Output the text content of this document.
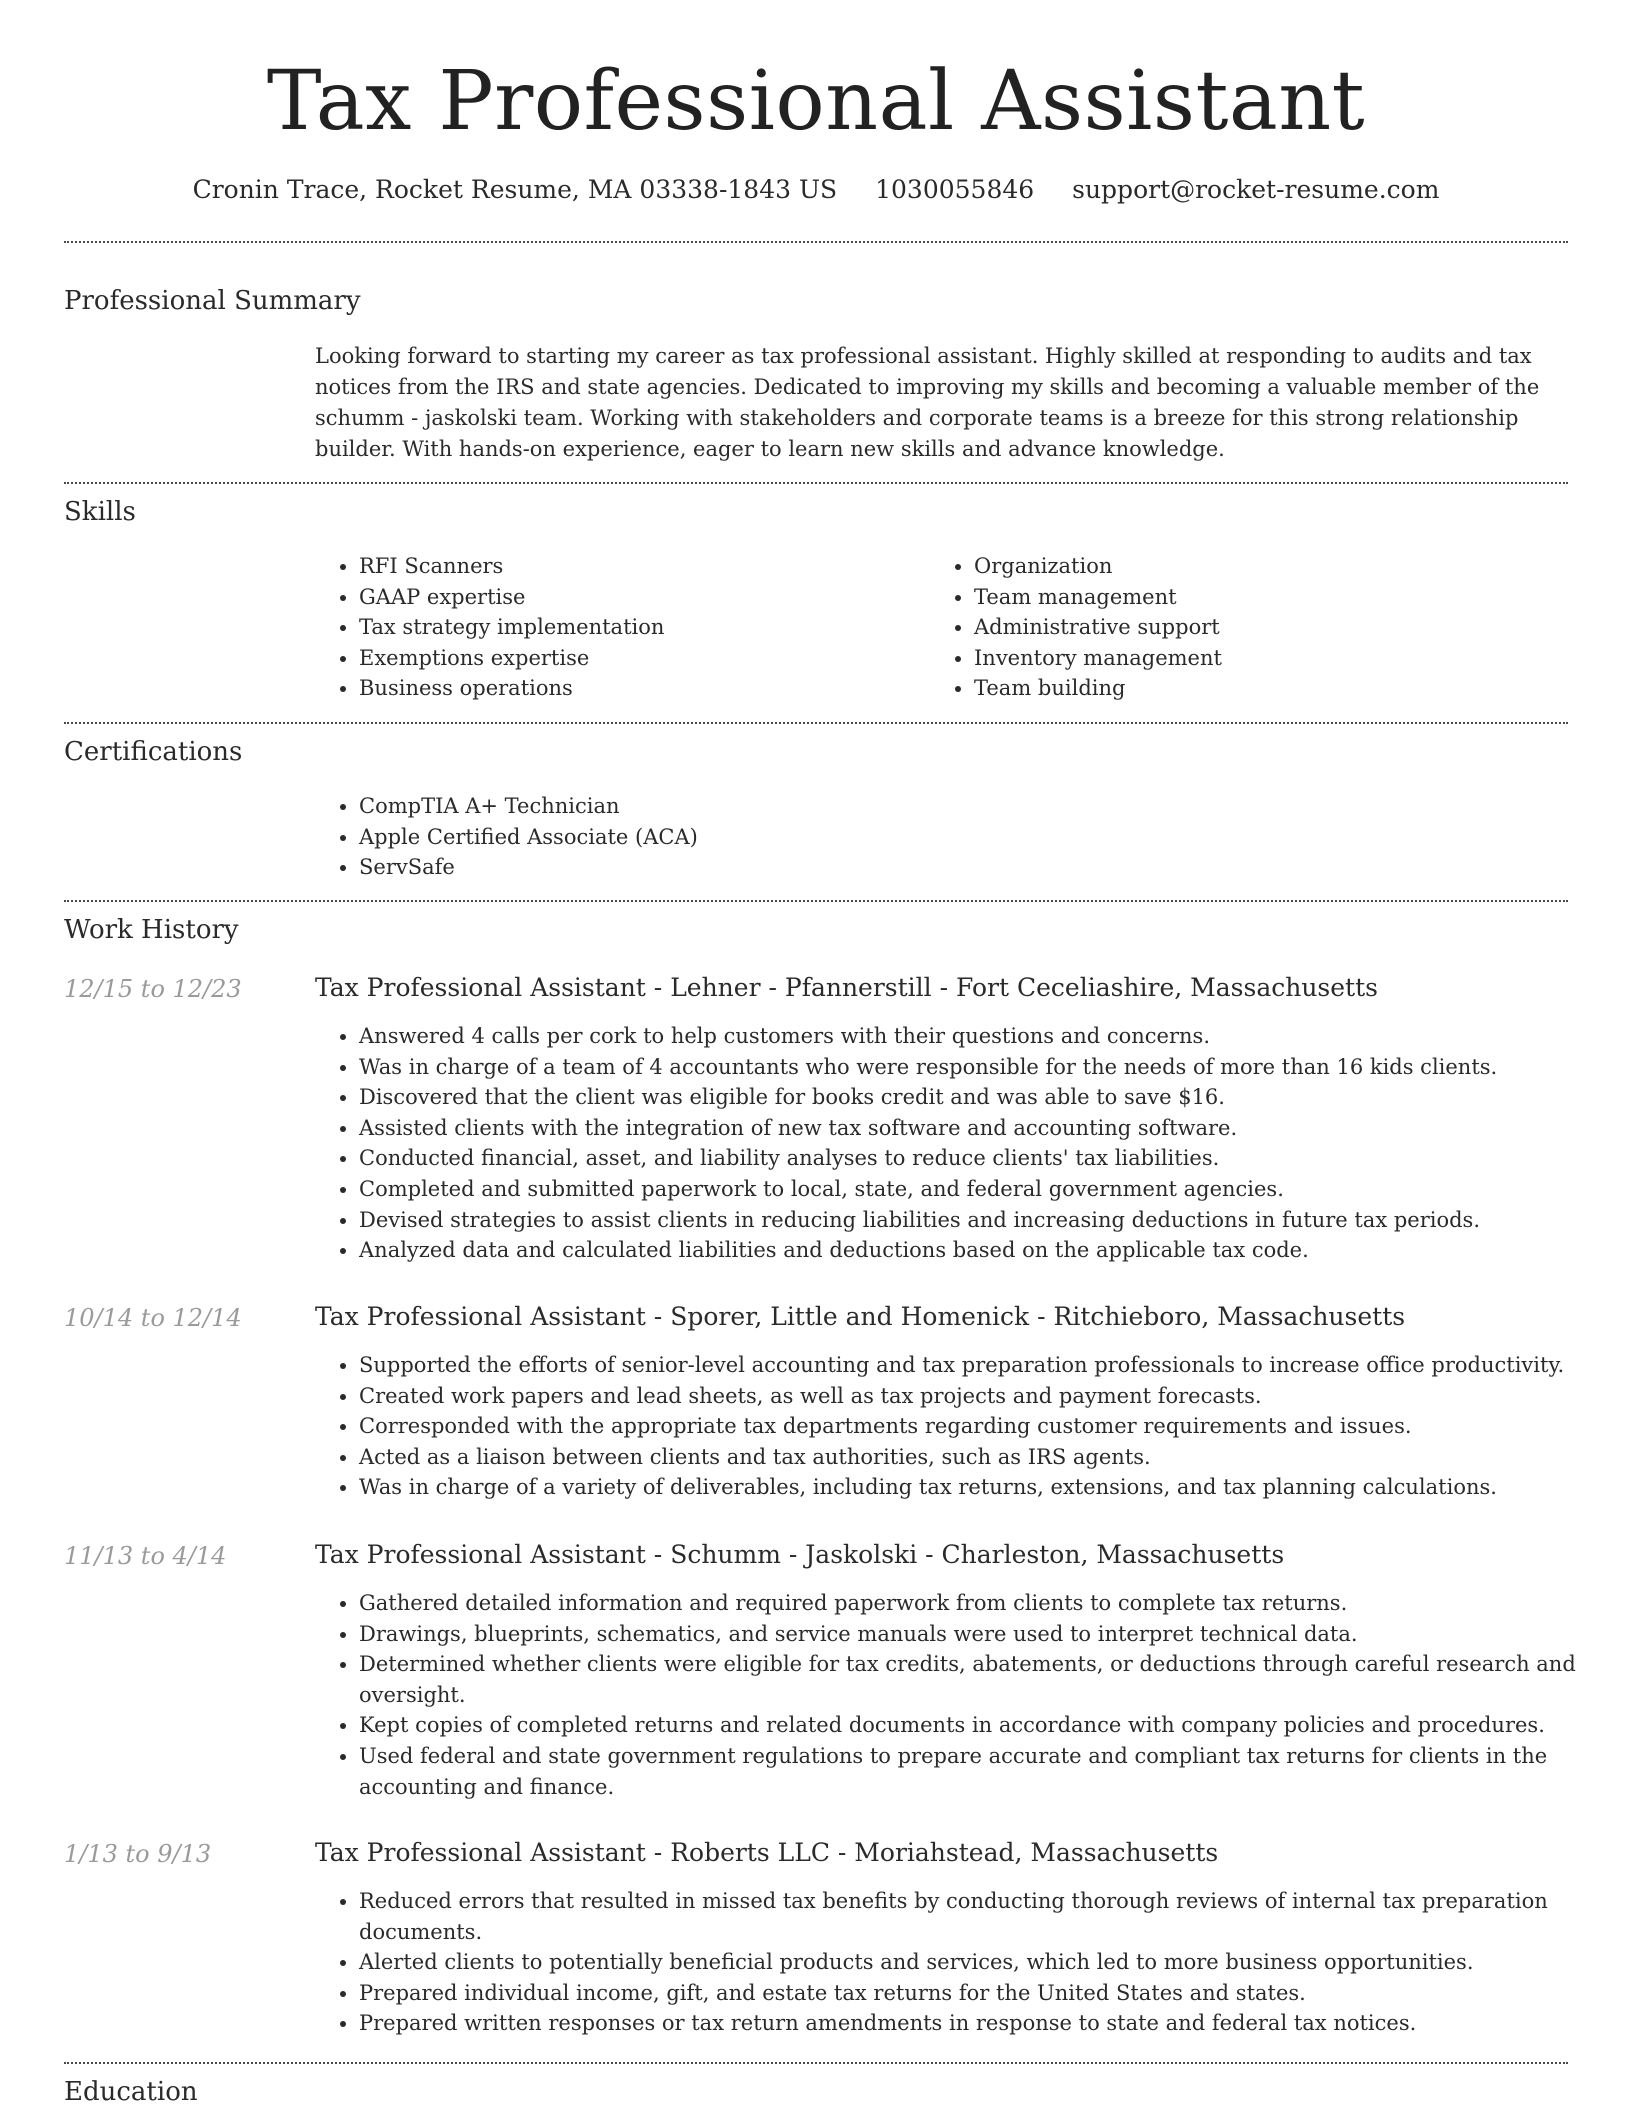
Tax Professional Assistant
Cronin Trace, Rocket Resume, MA 03338-1843 US 1030055846 support@rocket-resume.com
Professional Summary

Looking forward to starting my career as tax professional assistant. Highly skilled at responding to audits and tax notices from the IRS and state agencies. Dedicated to improving my skills and becoming a valuable member of the schumm - jaskolski team. Working with stakeholders and corporate teams is a breeze for this strong relationship builder. With hands-on experience, eager to learn new skills and advance knowledge.

Skills
• RFI Scanners
• GAAP expertise
• Tax strategy implementation
• Exemptions expertise
• Business operations
• Organization
• Team management
• Administrative support
• Inventory management
• Team building
Certifications
• CompTIA A+ Technician
• Apple Certified Associate (ACA)
• ServSafe
Work History
12/15 to 12/23	Tax Professional Assistant - Lehner - Pfannerstill - Fort Ceceliashire, Massachusetts
• Answered 4 calls per cork to help customers with their questions and concerns.
• Was in charge of a team of 4 accountants who were responsible for the needs of more than 16 kids clients.
• Discovered that the client was eligible for books credit and was able to save $16.
• Assisted clients with the integration of new tax software and accounting software.
• Conducted financial, asset, and liability analyses to reduce clients' tax liabilities.
• Completed and submitted paperwork to local, state, and federal government agencies.
• Devised strategies to assist clients in reducing liabilities and increasing deductions in future tax periods.
• Analyzed data and calculated liabilities and deductions based on the applicable tax code.
10/14 to 12/14	Tax Professional Assistant - Sporer, Little and Homenick - Ritchieboro, Massachusetts
• Supported the efforts of senior-level accounting and tax preparation professionals to increase office productivity.
• Created work papers and lead sheets, as well as tax projects and payment forecasts.
• Corresponded with the appropriate tax departments regarding customer requirements and issues.
• Acted as a liaison between clients and tax authorities, such as IRS agents.
• Was in charge of a variety of deliverables, including tax returns, extensions, and tax planning calculations.
11/13 to 4/14	Tax Professional Assistant - Schumm - Jaskolski - Charleston, Massachusetts
• Gathered detailed information and required paperwork from clients to complete tax returns.
• Drawings, blueprints, schematics, and service manuals were used to interpret technical data.
• Determined whether clients were eligible for tax credits, abatements, or deductions through careful research and oversight.
• Kept copies of completed returns and related documents in accordance with company policies and procedures.
• Used federal and state government regulations to prepare accurate and compliant tax returns for clients in the accounting and finance.
1/13 to 9/13	Tax Professional Assistant - Roberts LLC - Moriahstead, Massachusetts
• Reduced errors that resulted in missed tax benefits by conducting thorough reviews of internal tax preparation documents.
• Alerted clients to potentially beneficial products and services, which led to more business opportunities.
• Prepared individual income, gift, and estate tax returns for the United States and states.
• Prepared written responses or tax return amendments in response to state and federal tax notices.
Education
